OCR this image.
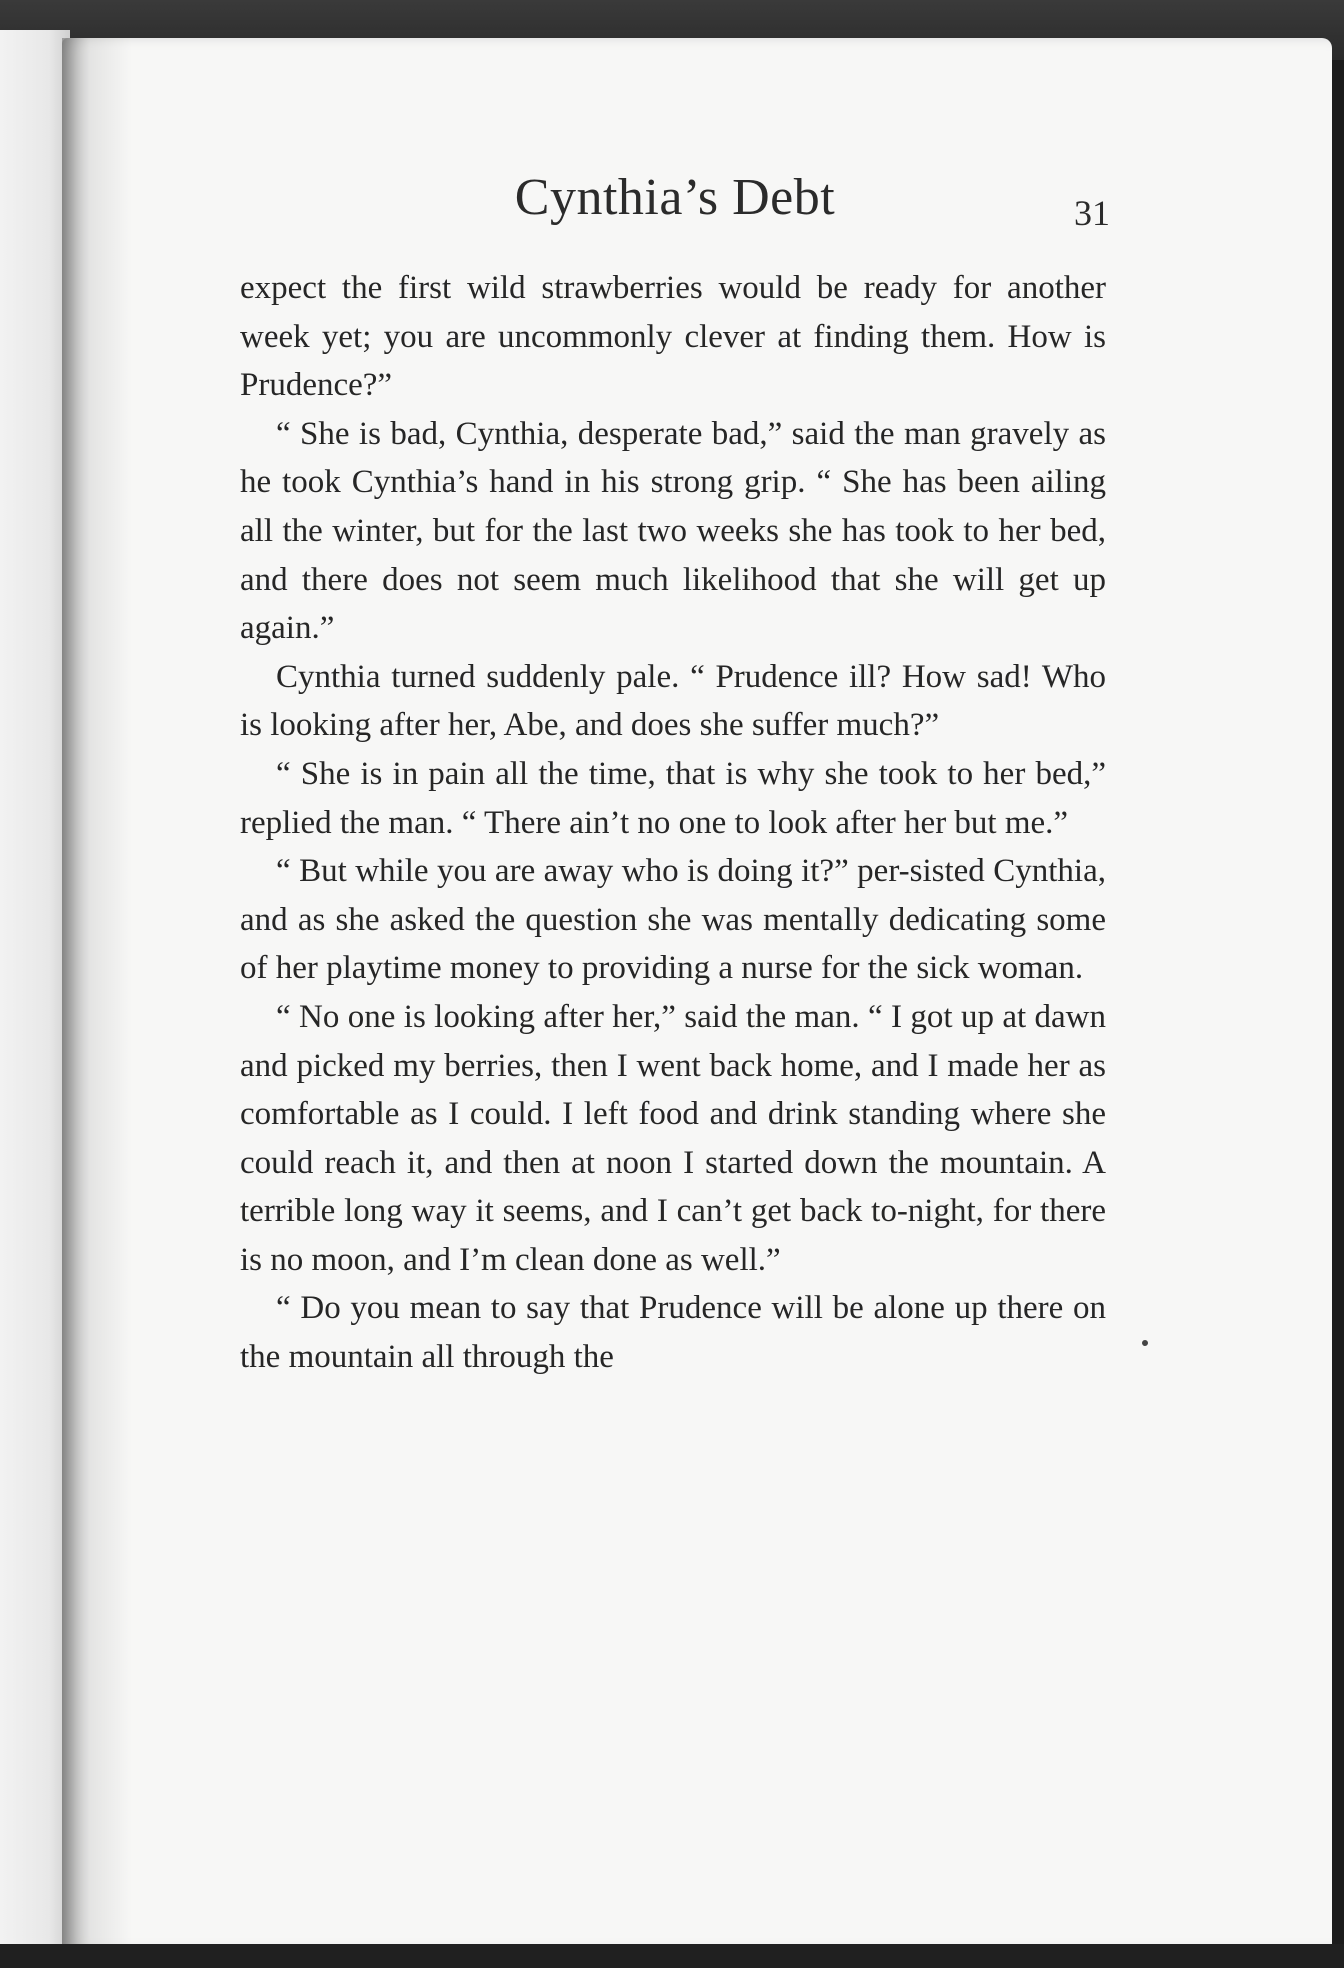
Cynthia’s Debt	31

expect the first wild strawberries would be ready for another week yet; you are uncommonly clever at finding them. How is Prudence?”

“ She is bad, Cynthia, desperate bad,” said the man gravely as he took Cynthia’s hand in his strong grip. “ She has been ailing all the winter, but for the last two weeks she has took to her bed, and there does not seem much likelihood that she will get up again.”

Cynthia turned suddenly pale. “ Prudence ill? How sad! Who is looking after her, Abe, and does she suffer much?”

“ She is in pain all the time, that is why she took to her bed,” replied the man. “ There ain’t no one to look after her but me.”

“ But while you are away who is doing it?” per-sisted Cynthia, and as she asked the question she was mentally dedicating some of her playtime money to providing a nurse for the sick woman.

“ No one is looking after her,” said the man. “ I got up at dawn and picked my berries, then I went back home, and I made her as comfortable as I could. I left food and drink standing where she could reach it, and then at noon I started down the mountain. A terrible long way it seems, and I can’t get back to-night, for there is no moon, and I’m clean done as well.”

“ Do you mean to say that Prudence will be alone up there on the mountain all through the
